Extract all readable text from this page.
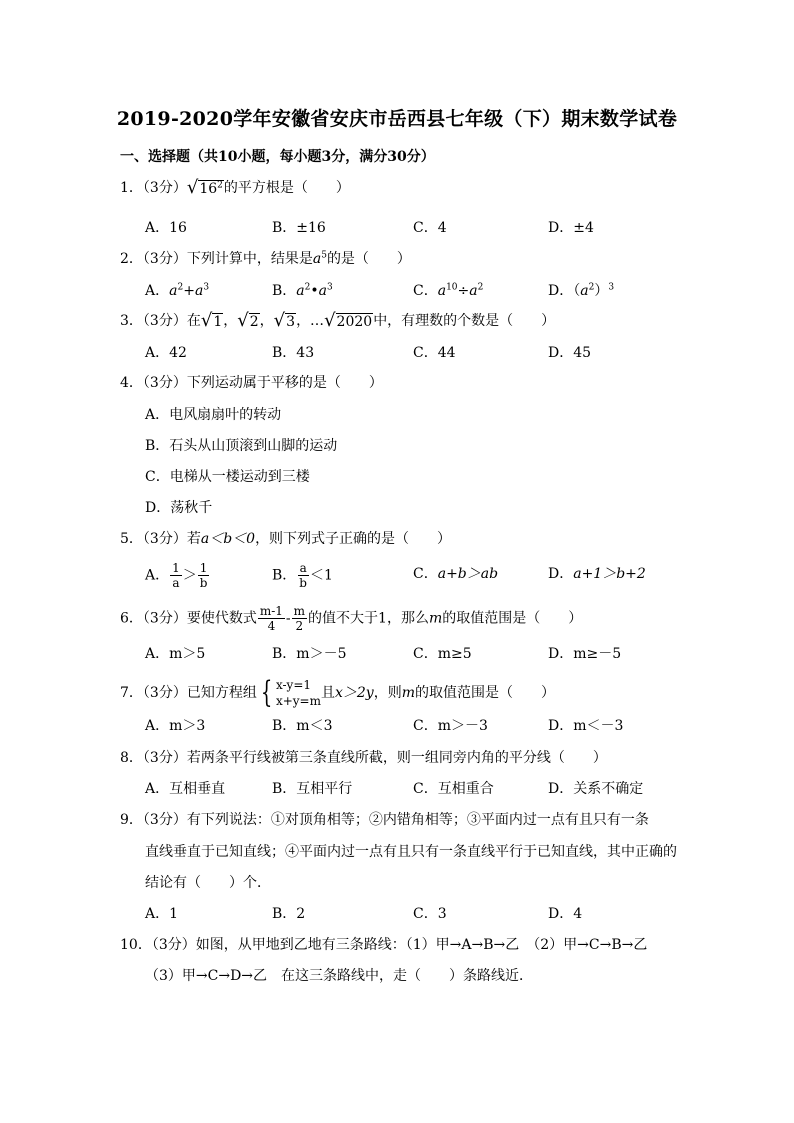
2019-2020学年安徽省安庆市岳西县七年级（下）期末数学试卷
一、选择题（共10小题，每小题3分，满分30分）
1．（3分） √ $16^2$ 的平方根是（　　）
A．16	B．±16	C．4	D．±4
2．（3分）下列计算中，结果是$a^5$的是（　　）
A．$a^2+a^3$	B．$a^2•a^3$	C．$a^{10}\div a^2$	D．$(a^2)^3$
3．（3分）在 √ 1 ， √ 2 ， √ 3 ，… √ 2020 中，有理数的个数是（　　）
A．42	B．43	C．44	D．45
4．（3分）下列运动属于平移的是（　　）
A．电风扇扇叶的转动
B．石头从山顶滚到山脚的运动
C．电梯从一楼运动到三楼
D．荡秋千
5．（3分）若a＜b＜0，则下列式子正确的是（　　）
A． $\frac{1}{a} > \frac{1}{b}$	B． $\frac{a}{b} <1$	C．a+b＞ab	D．a+1＞b+2
6．（3分）要使代数式 $\frac{m-1}{4} - \frac{m}{2}$ 的值不大于1，那么m的取值范围是（　　）
A．m＞5	B．m＞－5	C．m≥5	D．m≥－5
7．（3分）已知方程组 { x-y=1
x+y=m 且x＞2y，则m的取值范围是（　　）
A．m＞3	B．m＜3	C．m＞－3	D．m＜－3
8．（3分）若两条平行线被第三条直线所截，则一组同旁内角的平分线（　　）
A．互相垂直	B．互相平行	C．互相重合	D．关系不确定
9．（3分）有下列说法：①对顶角相等；②内错角相等；③平面内过一点有且只有一条
直线垂直于已知直线；④平面内过一点有且只有一条直线平行于已知直线，其中正确的
结论有（　　）个．
A．1	B．2	C．3	D．4
10．（3分）如图，从甲地到乙地有三条路线：（1）甲→A→B→乙　（2）甲→C→B→乙
（3）甲→C→D→乙　在这三条路线中，走（　　）条路线近．
